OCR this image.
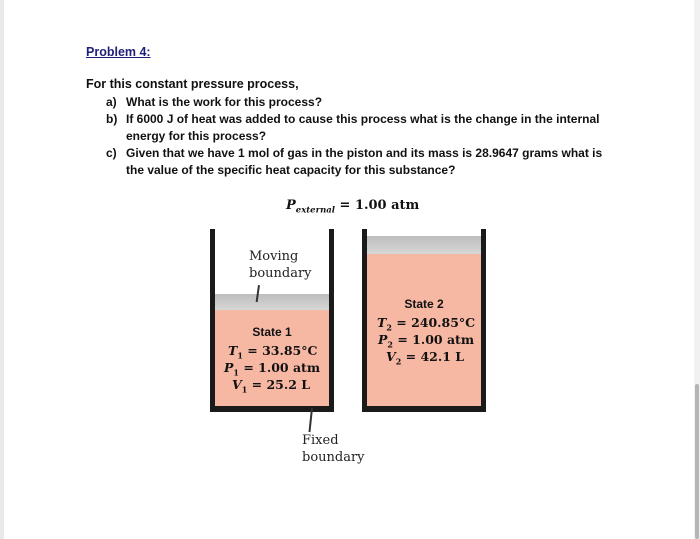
Problem 4:
For this constant pressure process,
a) What is the work for this process?
b) If 6000 J of heat was added to cause this process what is the change in the internal
energy for this process?
c) Given that we have 1 mol of gas in the piston and its mass is 28.9647 grams what is
the value of the specific heat capacity for this substance?
$P_{external} = 1.00$ atm
Moving
boundary
State 1
$T_1 = 33.85^\circ C$
$P_1 = 1.00$ atm
$V_1 = 25.2$ L
State 2
$T_2 = 240.85^\circ C$
$P_2 = 1.00$ atm
$V_2 = 42.1$ L
Fixed
boundary
